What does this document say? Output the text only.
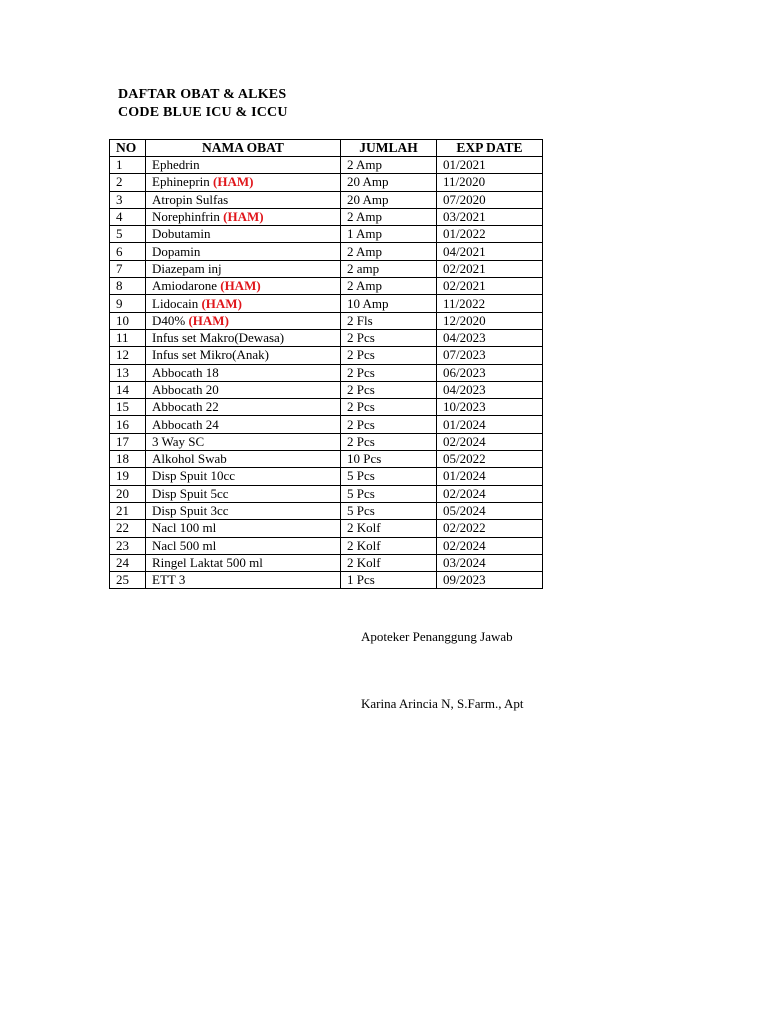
DAFTAR OBAT & ALKES
CODE BLUE ICU & ICCU
NO	NAMA OBAT	JUMLAH	EXP DATE
1	Ephedrin	2 Amp	01/2021
2	Ephineprin (HAM)	20 Amp	11/2020
3	Atropin Sulfas	20 Amp	07/2020
4	Norephinfrin (HAM)	2 Amp	03/2021
5	Dobutamin	1 Amp	01/2022
6	Dopamin	2 Amp	04/2021
7	Diazepam inj	2 amp	02/2021
8	Amiodarone (HAM)	2 Amp	02/2021
9	Lidocain (HAM)	10 Amp	11/2022
10	D40% (HAM)	2 Fls	12/2020
11	Infus set Makro(Dewasa)	2 Pcs	04/2023
12	Infus set Mikro(Anak)	2 Pcs	07/2023
13	Abbocath 18	2 Pcs	06/2023
14	Abbocath 20	2 Pcs	04/2023
15	Abbocath 22	2 Pcs	10/2023
16	Abbocath 24	2 Pcs	01/2024
17	3 Way SC	2 Pcs	02/2024
18	Alkohol Swab	10 Pcs	05/2022
19	Disp Spuit 10cc	5 Pcs	01/2024
20	Disp Spuit 5cc	5 Pcs	02/2024
21	Disp Spuit 3cc	5 Pcs	05/2024
22	Nacl 100 ml	2 Kolf	02/2022
23	Nacl 500 ml	2 Kolf	02/2024
24	Ringel Laktat 500 ml	2 Kolf	03/2024
25	ETT 3	1 Pcs	09/2023
Apoteker Penanggung Jawab
Karina Arincia N, S.Farm., Apt
